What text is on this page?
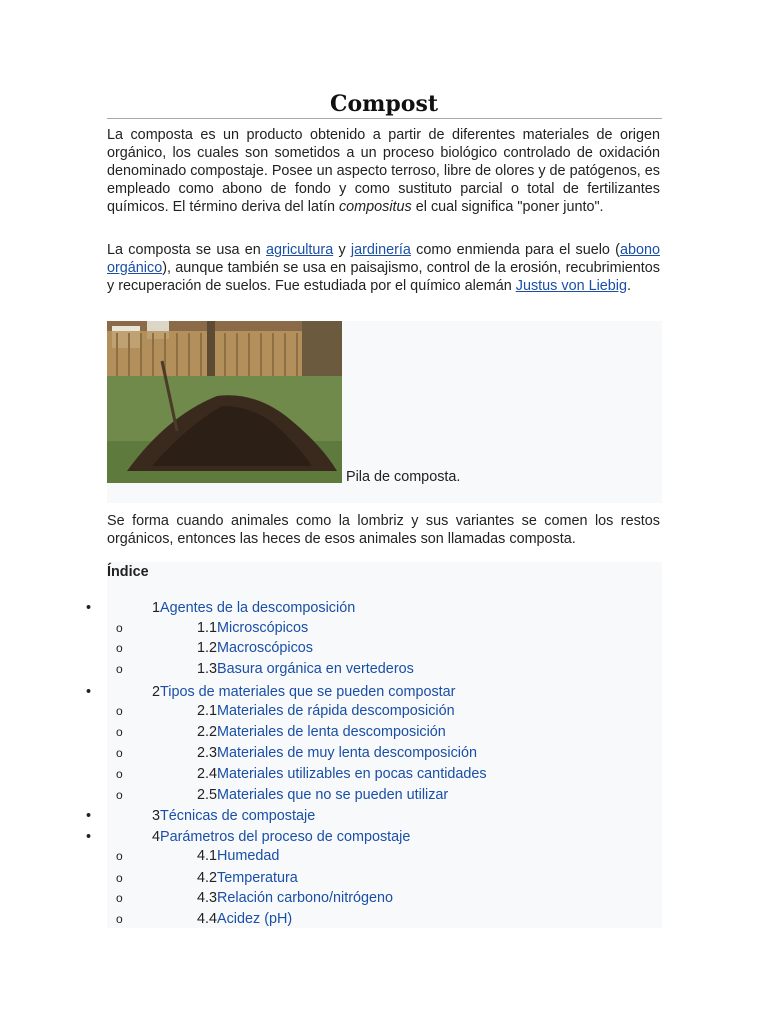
Compost
La composta es un producto obtenido a partir de diferentes materiales de origen orgánico, los cuales son sometidos a un proceso biológico controlado de oxidación denominado compostaje. Posee un aspecto terroso, libre de olores y de patógenos, es empleado como abono de fondo y como sustituto parcial o total de fertilizantes químicos. El término deriva del latín compositus el cual significa "poner junto".
La composta se usa en agricultura y jardinería como enmienda para el suelo (abono orgánico), aunque también se usa en paisajismo, control de la erosión, recubrimientos y recuperación de suelos. Fue estudiada por el químico alemán Justus von Liebig.
Pila de composta.
Se forma cuando animales como la lombriz y sus variantes se comen los restos orgánicos, entonces las heces de esos animales son llamadas composta.
Índice
•	1Agentes de la descomposición
o	1.1Microscópicos
o	1.2Macroscópicos
o	1.3Basura orgánica en vertederos
•	2Tipos de materiales que se pueden compostar
o	2.1Materiales de rápida descomposición
o	2.2Materiales de lenta descomposición
o	2.3Materiales de muy lenta descomposición
o	2.4Materiales utilizables en pocas cantidades
o	2.5Materiales que no se pueden utilizar
•	3Técnicas de compostaje
•	4Parámetros del proceso de compostaje
o	4.1Humedad
o	4.2Temperatura
o	4.3Relación carbono/nitrógeno
o	4.4Acidez (pH)
